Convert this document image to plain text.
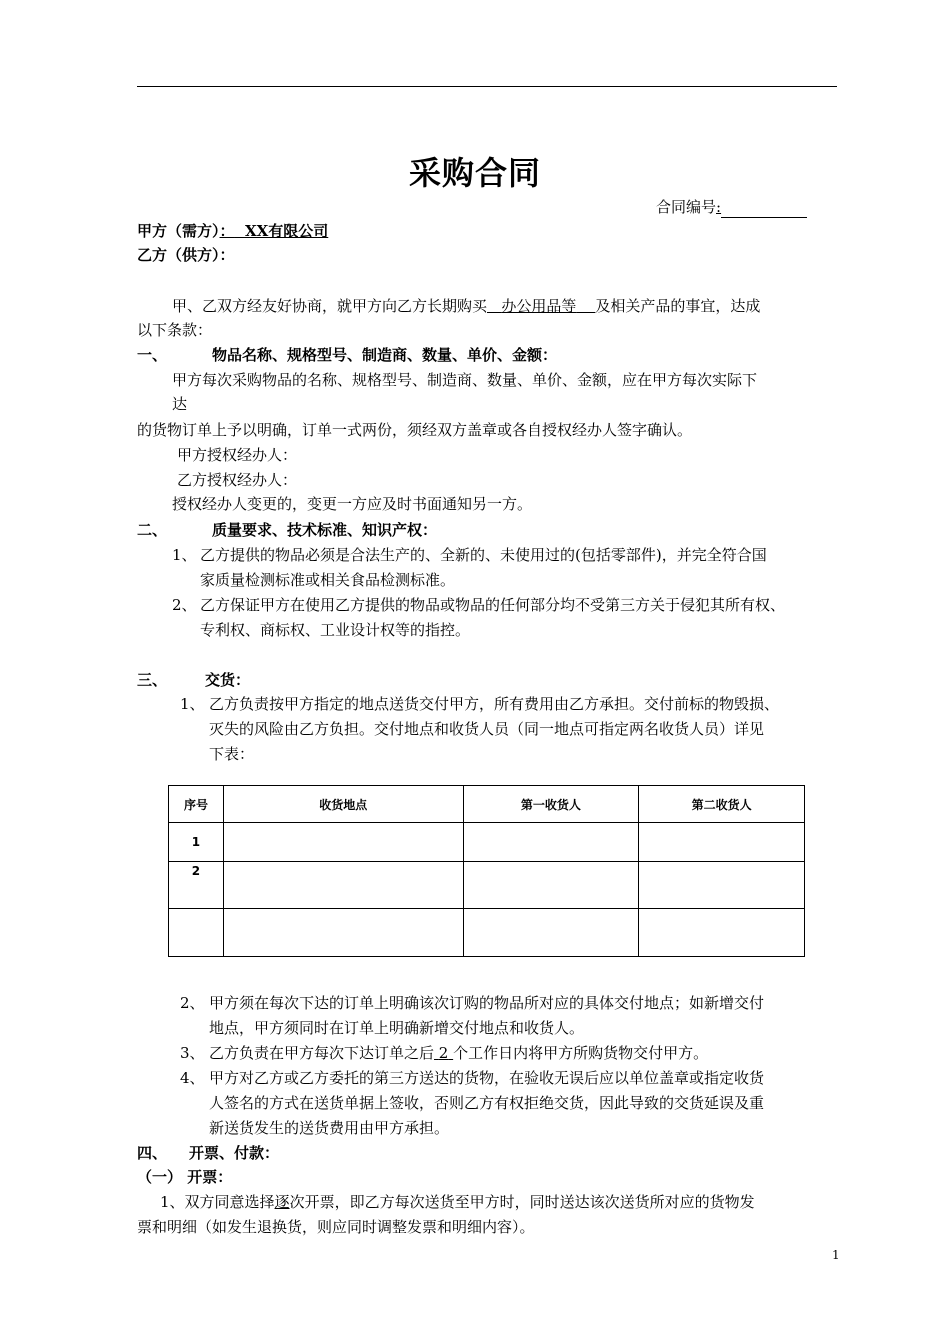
采购合同
合同编号:
甲方（需方）： XX有限公司
乙方（供方）：
甲、乙双方经友好协商，就甲方向乙方长期购买 办公用品等 及相关产品的事宜，达成
以下条款：
一、	物品名称、规格型号、制造商、数量、单价、金额：
甲方每次采购物品的名称、规格型号、制造商、数量、单价、金额，应在甲方每次实际下
达
的货物订单上予以明确，订单一式两份，须经双方盖章或各自授权经办人签字确认。
甲方授权经办人：
乙方授权经办人：
授权经办人变更的，变更一方应及时书面通知另一方。
二、	质量要求、技术标准、知识产权：
1、 乙方提供的物品必须是合法生产的、全新的、未使用过的(包括零部件)，并完全符合国
家质量检测标准或相关食品检测标准。
2、 乙方保证甲方在使用乙方提供的物品或物品的任何部分均不受第三方关于侵犯其所有权、
专利权、商标权、工业设计权等的指控。
三、	交货：
1、 乙方负责按甲方指定的地点送货交付甲方，所有费用由乙方承担。交付前标的物毁损、
灭失的风险由乙方负担。交付地点和收货人员（同一地点可指定两名收货人员）详见
下表：
序号	收货地点	第一收货人	第二收货人
1			
2			

2、 甲方须在每次下达的订单上明确该次订购的物品所对应的具体交付地点；如新增交付
地点，甲方须同时在订单上明确新增交付地点和收货人。
3、 乙方负责在甲方每次下达订单之后 2 个工作日内将甲方所购货物交付甲方。
4、 甲方对乙方或乙方委托的第三方送达的货物，在验收无误后应以单位盖章或指定收货
人签名的方式在送货单据上签收，否则乙方有权拒绝交货，因此导致的交货延误及重
新送货发生的送货费用由甲方承担。
四、 开票、付款：
（一） 开票：
1、双方同意选择逐次开票，即乙方每次送货至甲方时，同时送达该次送货所对应的货物发
票和明细（如发生退换货，则应同时调整发票和明细内容）。
1
